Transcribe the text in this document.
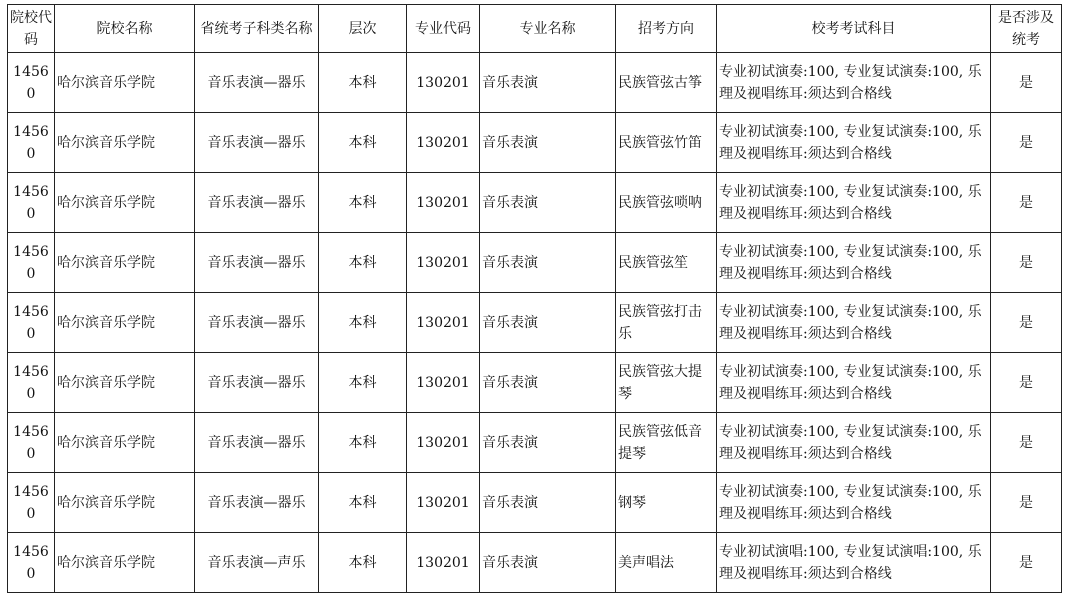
院校代码	院校名称	省统考子科类名称	层次	专业代码	专业名称	招考方向	校考考试科目	是否涉及统考
14560	哈尔滨音乐学院	音乐表演—器乐	本科	130201	音乐表演	民族管弦古筝	专业初试演奏:100, 专业复试演奏:100, 乐理及视唱练耳:须达到合格线	是
14560	哈尔滨音乐学院	音乐表演—器乐	本科	130201	音乐表演	民族管弦竹笛	专业初试演奏:100, 专业复试演奏:100, 乐理及视唱练耳:须达到合格线	是
14560	哈尔滨音乐学院	音乐表演—器乐	本科	130201	音乐表演	民族管弦唢呐	专业初试演奏:100, 专业复试演奏:100, 乐理及视唱练耳:须达到合格线	是
14560	哈尔滨音乐学院	音乐表演—器乐	本科	130201	音乐表演	民族管弦笙	专业初试演奏:100, 专业复试演奏:100, 乐理及视唱练耳:须达到合格线	是
14560	哈尔滨音乐学院	音乐表演—器乐	本科	130201	音乐表演	民族管弦打击乐	专业初试演奏:100, 专业复试演奏:100, 乐理及视唱练耳:须达到合格线	是
14560	哈尔滨音乐学院	音乐表演—器乐	本科	130201	音乐表演	民族管弦大提琴	专业初试演奏:100, 专业复试演奏:100, 乐理及视唱练耳:须达到合格线	是
14560	哈尔滨音乐学院	音乐表演—器乐	本科	130201	音乐表演	民族管弦低音提琴	专业初试演奏:100, 专业复试演奏:100, 乐理及视唱练耳:须达到合格线	是
14560	哈尔滨音乐学院	音乐表演—器乐	本科	130201	音乐表演	钢琴	专业初试演奏:100, 专业复试演奏:100, 乐理及视唱练耳:须达到合格线	是
14560	哈尔滨音乐学院	音乐表演—声乐	本科	130201	音乐表演	美声唱法	专业初试演唱:100, 专业复试演唱:100, 乐理及视唱练耳:须达到合格线	是
